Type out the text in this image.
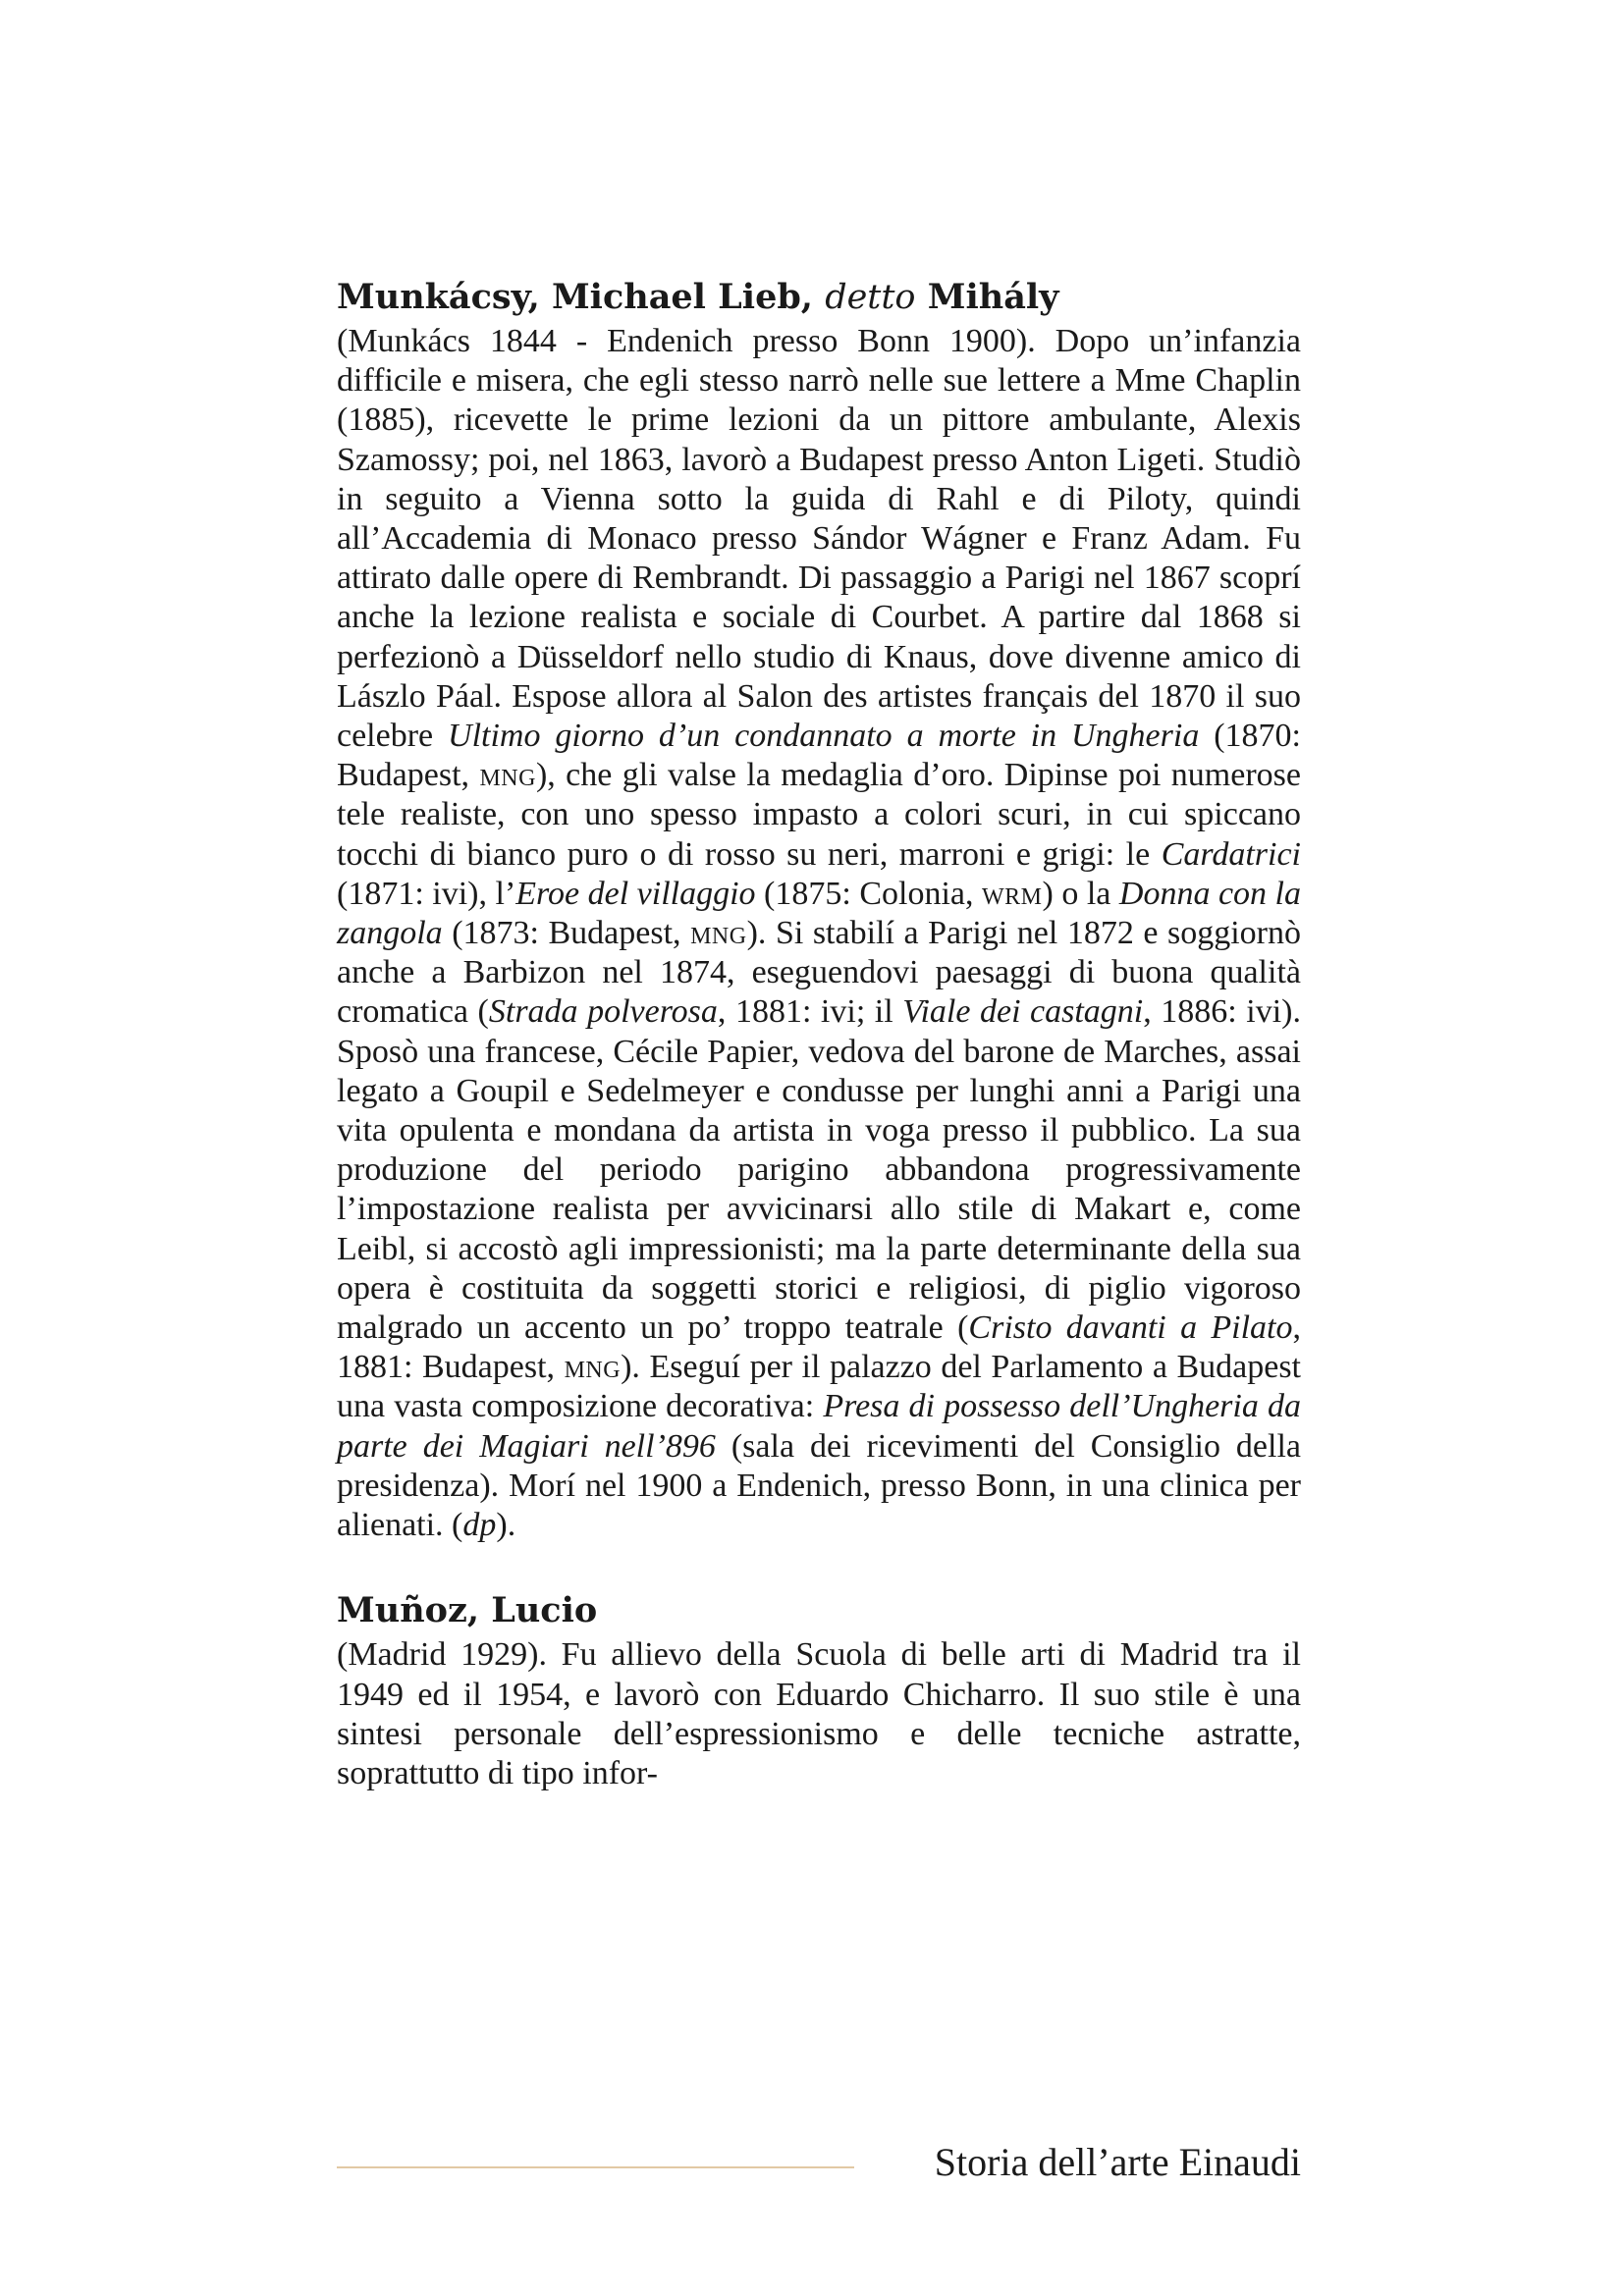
Munkácsy, Michael Lieb, detto Mihály

(Munkács 1844 - Endenich presso Bonn 1900). Dopo un’infanzia difficile e misera, che egli stesso narrò nelle sue lettere a Mme Chaplin (1885), ricevette le prime lezioni da un pittore ambulante, Alexis Szamossy; poi, nel 1863, lavorò a Budapest presso Anton Ligeti. Studiò in seguito a Vienna sotto la guida di Rahl e di Piloty, quindi all’Accademia di Monaco presso Sándor Wágner e Franz Adam. Fu attirato dalle opere di Rembrandt. Di passaggio a Parigi nel 1867 scoprí anche la lezione realista e sociale di Courbet. A partire dal 1868 si perfezionò a Düsseldorf nello studio di Knaus, dove divenne amico di Lászlo Páal. Espose allora al Salon des artistes français del 1870 il suo celebre Ultimo giorno d’un condannato a morte in Ungheria (1870: Budapest, mng), che gli valse la medaglia d’oro. Dipinse poi numerose tele realiste, con uno spesso impasto a colori scuri, in cui spiccano tocchi di bianco puro o di rosso su neri, marroni e grigi: le Cardatrici (1871: ivi), l’Eroe del villaggio (1875: Colonia, wrm) o la Donna con la zangola (1873: Budapest, mng). Si stabilí a Parigi nel 1872 e soggiornò anche a Barbizon nel 1874, eseguendovi paesaggi di buona qualità cromatica (Strada polverosa, 1881: ivi; il Viale dei castagni, 1886: ivi). Sposò una francese, Cécile Papier, vedova del barone de Marches, assai legato a Goupil e Sedelmeyer e condusse per lunghi anni a Parigi una vita opulenta e mondana da artista in voga presso il pubblico. La sua produzione del periodo parigino abbandona progressivamente l’impostazione realista per avvicinarsi allo stile di Makart e, come Leibl, si accostò agli impressionisti; ma la parte determinante della sua opera è costituita da soggetti storici e religiosi, di piglio vigoroso malgrado un accento un po’ troppo teatrale (Cristo davanti a Pilato, 1881: Budapest, mng). Eseguí per il palazzo del Parlamento a Budapest una vasta composizione decorativa: Presa di possesso dell’Ungheria da parte dei Magiari nell’896 (sala dei ricevimenti del Consiglio della presidenza). Morí nel 1900 a Endenich, presso Bonn, in una clinica per alienati. (dp).

Muñoz, Lucio

(Madrid 1929). Fu allievo della Scuola di belle arti di Madrid tra il 1949 ed il 1954, e lavorò con Eduardo Chicharro. Il suo stile è una sintesi personale dell’espressionismo e delle tecniche astratte, soprattutto di tipo infor-

Storia dell’arte Einaudi
